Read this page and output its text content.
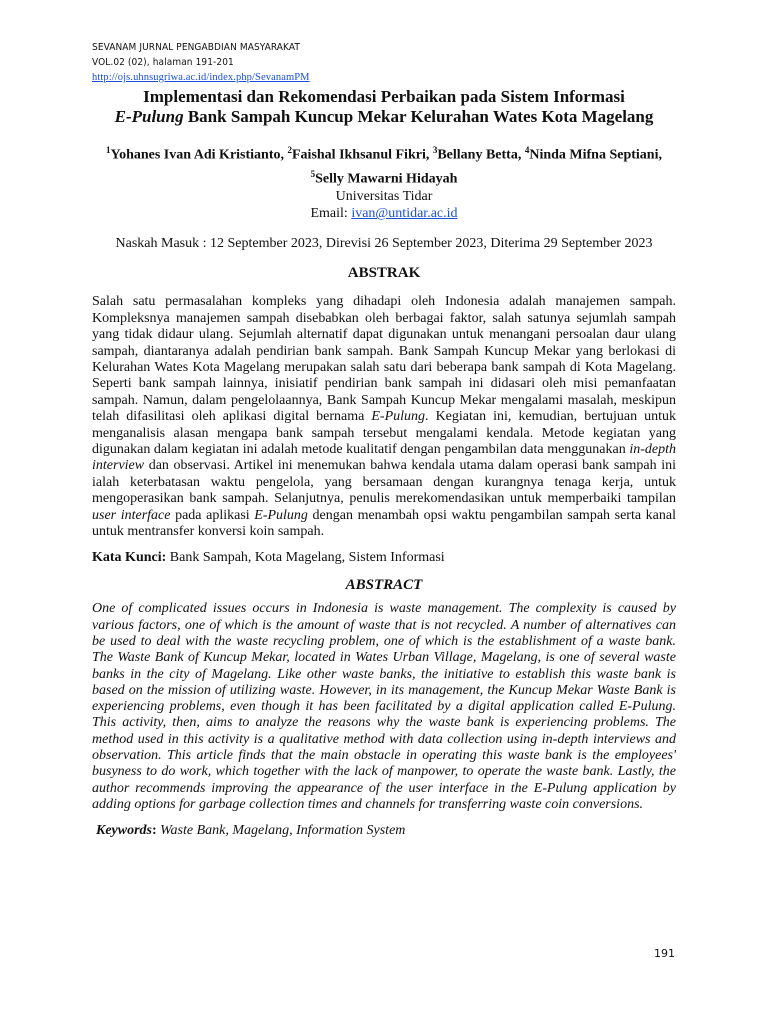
SEVANAM JURNAL PENGABDIAN MASYARAKAT
VOL.02 (02), halaman 191-201
http://ojs.uhnsugriwa.ac.id/index.php/SevanamPM
Implementasi dan Rekomendasi Perbaikan pada Sistem Informasi
E-Pulung Bank Sampah Kuncup Mekar Kelurahan Wates Kota Magelang
$^1$Yohanes Ivan Adi Kristianto, $^2$Faishal Ikhsanul Fikri, $^3$Bellany Betta, $^4$Ninda Mifna Septiani, $^5$Selly Mawarni Hidayah
Universitas Tidar
Email: ivan@untidar.ac.id
Naskah Masuk : 12 September 2023, Direvisi 26 September 2023, Diterima 29 September 2023
ABSTRAK
Salah satu permasalahan kompleks yang dihadapi oleh Indonesia adalah manajemen sampah. Kompleksnya manajemen sampah disebabkan oleh berbagai faktor, salah satunya sejumlah sampah yang tidak didaur ulang. Sejumlah alternatif dapat digunakan untuk menangani persoalan daur ulang sampah, diantaranya adalah pendirian bank sampah. Bank Sampah Kuncup Mekar yang berlokasi di Kelurahan Wates Kota Magelang merupakan salah satu dari beberapa bank sampah di Kota Magelang. Seperti bank sampah lainnya, inisiatif pendirian bank sampah ini didasari oleh misi pemanfaatan sampah. Namun, dalam pengelolaannya, Bank Sampah Kuncup Mekar mengalami masalah, meskipun telah difasilitasi oleh aplikasi digital bernama E-Pulung. Kegiatan ini, kemudian, bertujuan untuk menganalisis alasan mengapa bank sampah tersebut mengalami kendala. Metode kegiatan yang digunakan dalam kegiatan ini adalah metode kualitatif dengan pengambilan data menggunakan in-depth interview dan observasi. Artikel ini menemukan bahwa kendala utama dalam operasi bank sampah ini ialah keterbatasan waktu pengelola, yang bersamaan dengan kurangnya tenaga kerja, untuk mengoperasikan bank sampah. Selanjutnya, penulis merekomendasikan untuk memperbaiki tampilan user interface pada aplikasi E-Pulung dengan menambah opsi waktu pengambilan sampah serta kanal untuk mentransfer konversi koin sampah.
Kata Kunci: Bank Sampah, Kota Magelang, Sistem Informasi
ABSTRACT
One of complicated issues occurs in Indonesia is waste management. The complexity is caused by various factors, one of which is the amount of waste that is not recycled. A number of alternatives can be used to deal with the waste recycling problem, one of which is the establishment of a waste bank. The Waste Bank of Kuncup Mekar, located in Wates Urban Village, Magelang, is one of several waste banks in the city of Magelang. Like other waste banks, the initiative to establish this waste bank is based on the mission of utilizing waste. However, in its management, the Kuncup Mekar Waste Bank is experiencing problems, even though it has been facilitated by a digital application called E-Pulung. This activity, then, aims to analyze the reasons why the waste bank is experiencing problems. The method used in this activity is a qualitative method with data collection using in-depth interviews and observation. This article finds that the main obstacle in operating this waste bank is the employees' busyness to do work, which together with the lack of manpower, to operate the waste bank. Lastly, the author recommends improving the appearance of the user interface in the E-Pulung application by adding options for garbage collection times and channels for transferring waste coin conversions.
Keywords: Waste Bank, Magelang, Information System
191
